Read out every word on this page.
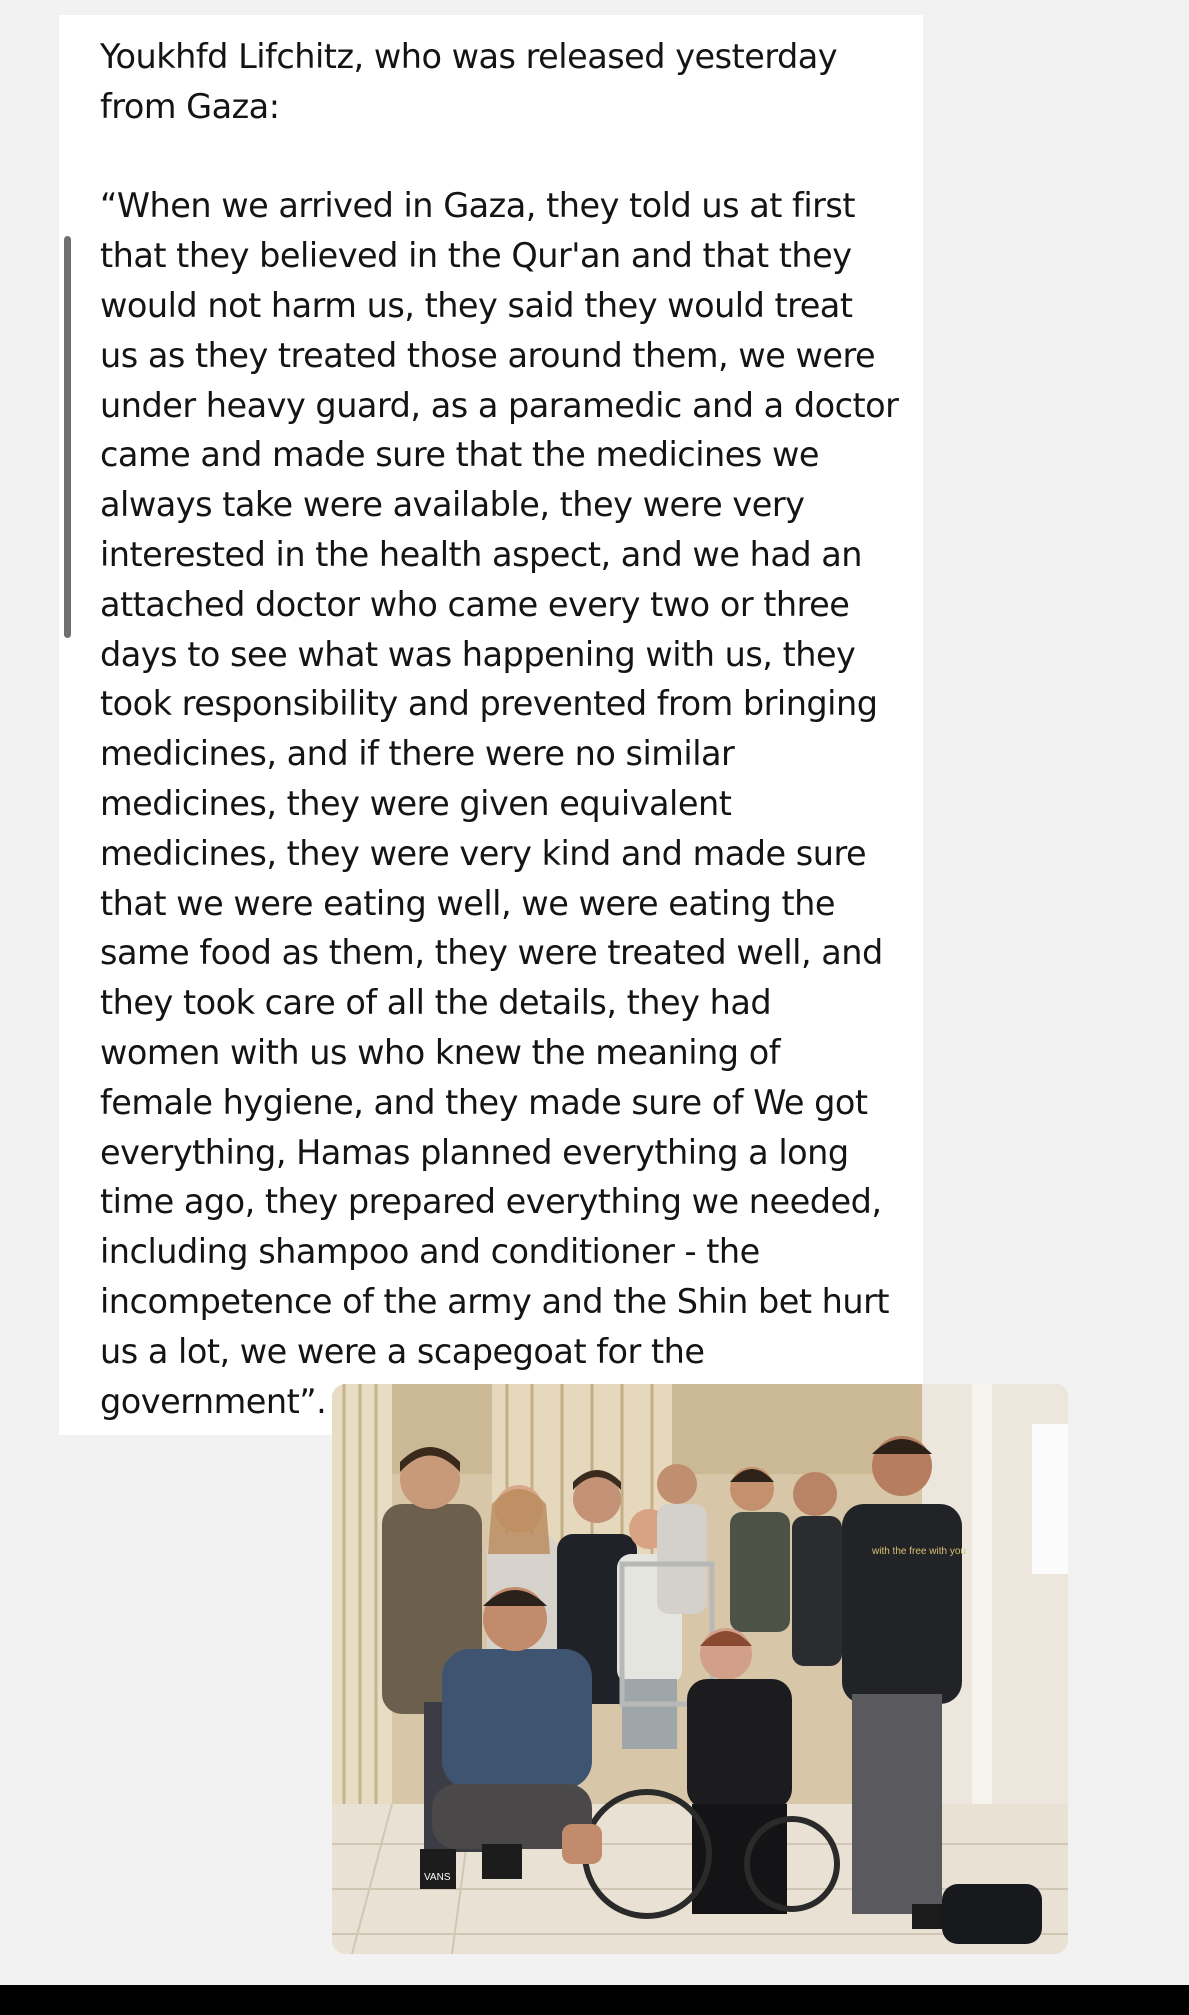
Youkhfd Lifchitz, who was released yesterday from Gaza:

“When we arrived in Gaza, they told us at first that they believed in the Qur'an and that they would not harm us, they said they would treat us as they treated those around them, we were under heavy guard, as a paramedic and a doctor came and made sure that the medicines we always take were available, they were very interested in the health aspect, and we had an attached doctor who came every two or three days to see what was happening with us, they took responsibility and prevented from bringing medicines, and if there were no similar medicines, they were given equivalent medicines, they were very kind and made sure that we were eating well, we were eating the same food as them, they were treated well, and they took care of all the details, they had women with us who knew the meaning of female hygiene, and they made sure of We got everything, Hamas planned everything a long time ago, they prepared everything we needed, including shampoo and conditioner - the incompetence of the army and the Shin bet hurt us a lot, we were a scapegoat for the government”.

VANS
with the free with you
